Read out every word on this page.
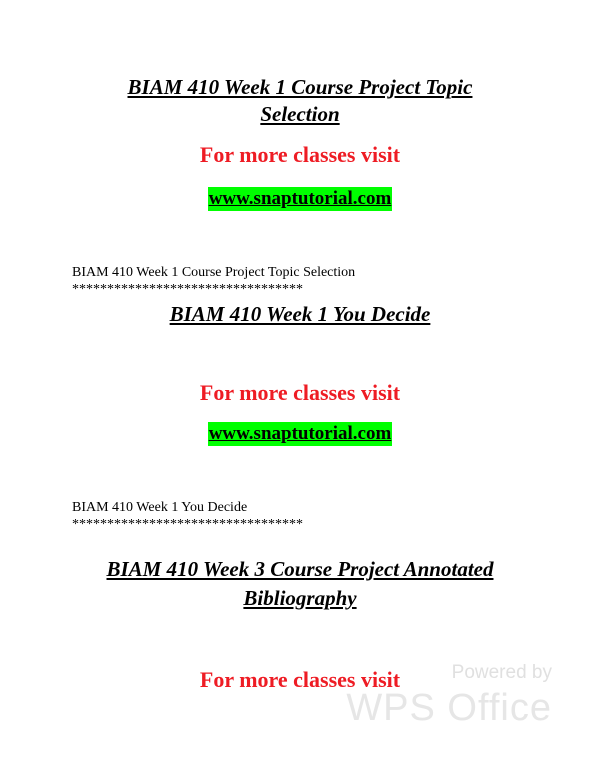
BIAM 410 Week 1 Course Project Topic

Selection

For more classes visit

www.snaptutorial.com

BIAM 410 Week 1 Course Project Topic Selection

*********************************

BIAM 410 Week 1 You Decide

For more classes visit

www.snaptutorial.com

BIAM 410 Week 1 You Decide

*********************************

BIAM 410 Week 3 Course Project Annotated

Bibliography

For more classes visit	Powered by
WPS Office
